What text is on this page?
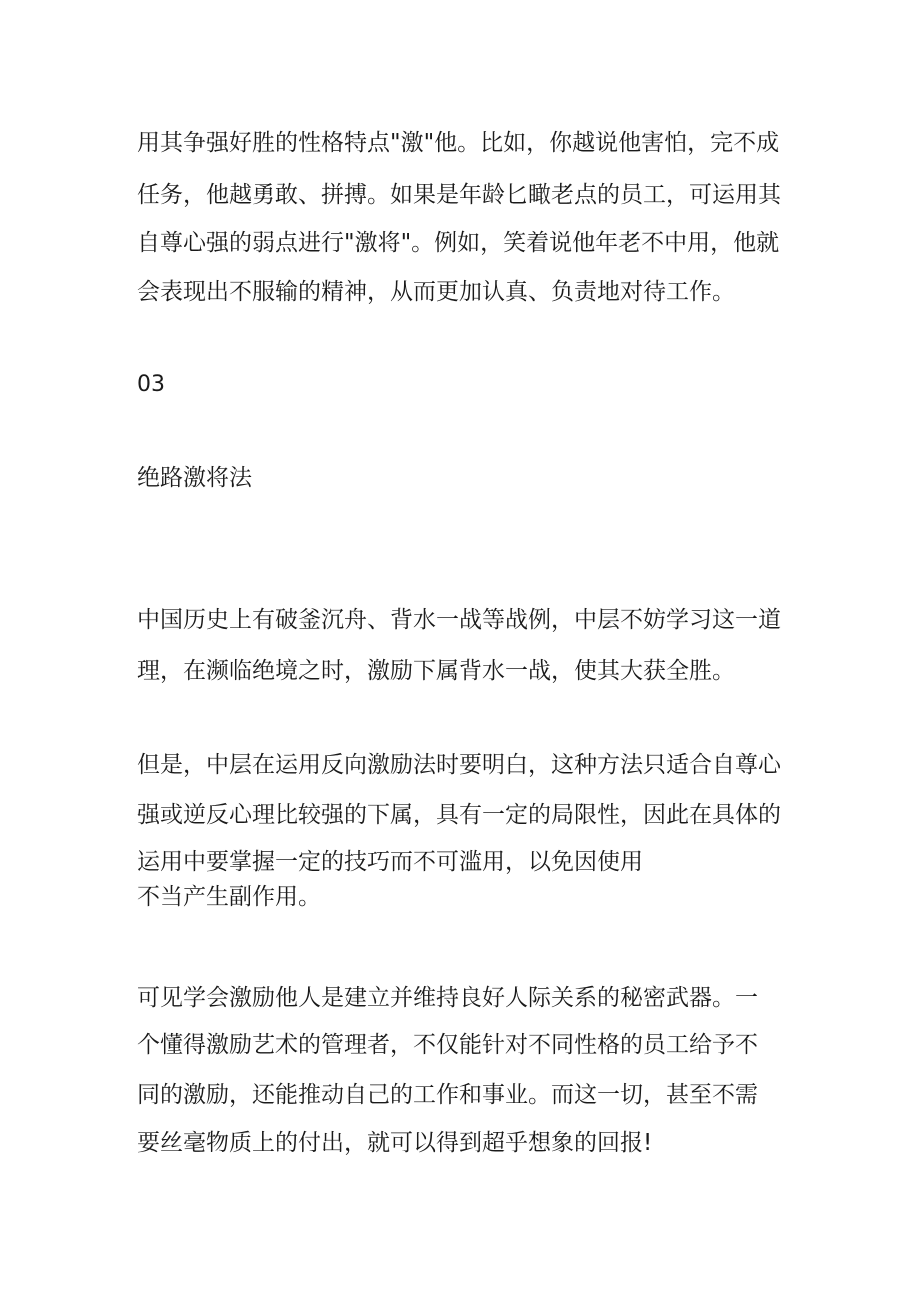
用其争强好胜的性格特点"激"他。比如，你越说他害怕，完不成

任务，他越勇敢、拼搏。如果是年龄匕瞰老点的员工，可运用其

自尊心强的弱点进行"激将"。例如，笑着说他年老不中用，他就

会表现出不服输的精神，从而更加认真、负责地对待工作。

03

绝路激将法

中国历史上有破釜沉舟、背水一战等战例，中层不妨学习这一道

理，在濒临绝境之时，激励下属背水一战，使其大获全胜。

但是，中层在运用反向激励法时要明白，这种方法只适合自尊心

强或逆反心理比较强的下属，具有一定的局限性，因此在具体的

运用中要掌握一定的技巧而不可滥用，以免因使用

不当产生副作用。

可见学会激励他人是建立并维持良好人际关系的秘密武器。一

个懂得激励艺术的管理者，不仅能针对不同性格的员工给予不

同的激励，还能推动自己的工作和事业。而这一切，甚至不需

要丝毫物质上的付出，就可以得到超乎想象的回报!
